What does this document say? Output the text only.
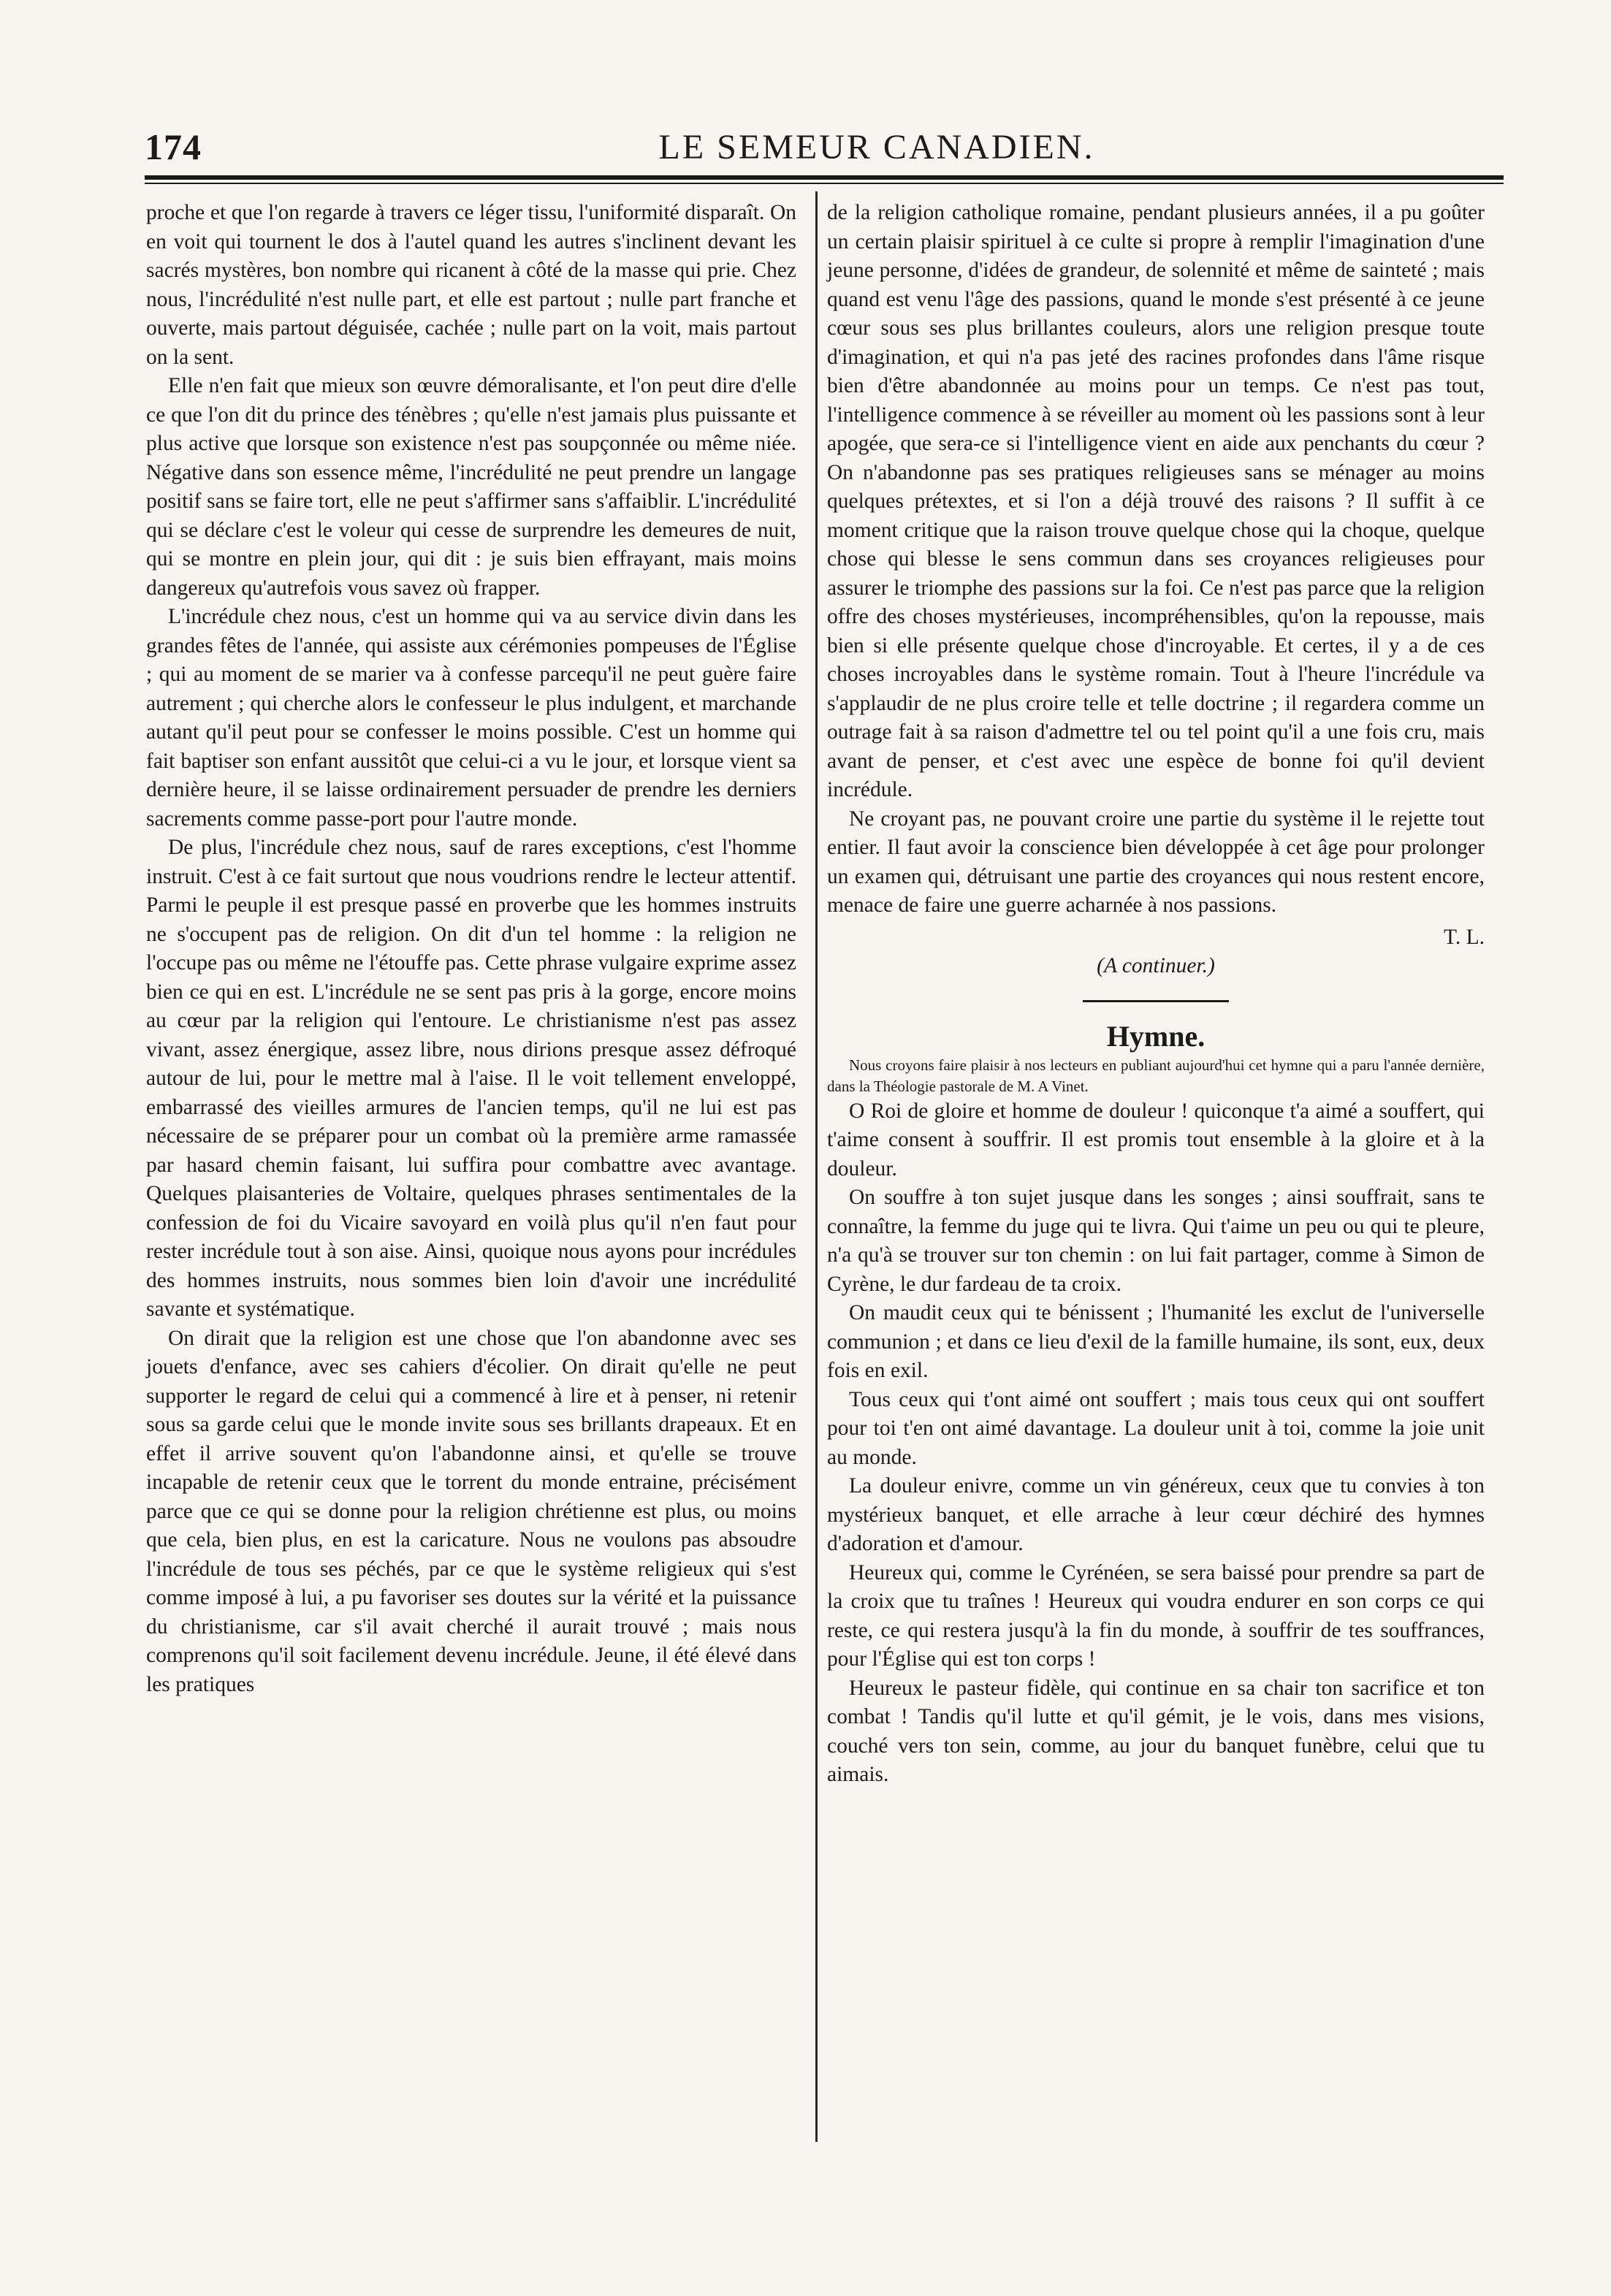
174	LE SEMEUR CANADIEN.

proche et que l'on regarde à travers ce léger tissu, l'uniformité disparaît. On en voit qui tournent le dos à l'autel quand les autres s'inclinent devant les sacrés mystères, bon nombre qui ricanent à côté de la masse qui prie. Chez nous, l'incrédulité n'est nulle part, et elle est partout ; nulle part franche et ouverte, mais partout déguisée, cachée ; nulle part on la voit, mais partout on la sent.

Elle n'en fait que mieux son œuvre démoralisante, et l'on peut dire d'elle ce que l'on dit du prince des ténèbres ; qu'elle n'est jamais plus puissante et plus active que lorsque son existence n'est pas soupçonnée ou même niée. Négative dans son essence même, l'incrédulité ne peut prendre un langage positif sans se faire tort, elle ne peut s'affirmer sans s'affaiblir. L'incrédulité qui se déclare c'est le voleur qui cesse de surprendre les demeures de nuit, qui se montre en plein jour, qui dit : je suis bien effrayant, mais moins dangereux qu'autrefois vous savez où frapper.

L'incrédule chez nous, c'est un homme qui va au service divin dans les grandes fêtes de l'année, qui assiste aux cérémonies pompeuses de l'Église ; qui au moment de se marier va à confesse parcequ'il ne peut guère faire autrement ; qui cherche alors le confesseur le plus indulgent, et marchande autant qu'il peut pour se confesser le moins possible. C'est un homme qui fait baptiser son enfant aussitôt que celui-ci a vu le jour, et lorsque vient sa dernière heure, il se laisse ordinairement persuader de prendre les derniers sacrements comme passe-port pour l'autre monde.

De plus, l'incrédule chez nous, sauf de rares exceptions, c'est l'homme instruit. C'est à ce fait surtout que nous voudrions rendre le lecteur attentif. Parmi le peuple il est presque passé en proverbe que les hommes instruits ne s'occupent pas de religion. On dit d'un tel homme : la religion ne l'occupe pas ou même ne l'étouffe pas. Cette phrase vulgaire exprime assez bien ce qui en est. L'incrédule ne se sent pas pris à la gorge, encore moins au cœur par la religion qui l'entoure. Le christianisme n'est pas assez vivant, assez énergique, assez libre, nous dirions presque assez défroqué autour de lui, pour le mettre mal à l'aise. Il le voit tellement enveloppé, embarrassé des vieilles armures de l'ancien temps, qu'il ne lui est pas nécessaire de se préparer pour un combat où la première arme ramassée par hasard chemin faisant, lui suffira pour combattre avec avantage. Quelques plaisanteries de Voltaire, quelques phrases sentimentales de la confession de foi du Vicaire savoyard en voilà plus qu'il n'en faut pour rester incrédule tout à son aise. Ainsi, quoique nous ayons pour incrédules des hommes instruits, nous sommes bien loin d'avoir une incrédulité savante et systématique.

On dirait que la religion est une chose que l'on abandonne avec ses jouets d'enfance, avec ses cahiers d'écolier. On dirait qu'elle ne peut supporter le regard de celui qui a commencé à lire et à penser, ni retenir sous sa garde celui que le monde invite sous ses brillants drapeaux. Et en effet il arrive souvent qu'on l'abandonne ainsi, et qu'elle se trouve incapable de retenir ceux que le torrent du monde entraine, précisément parce que ce qui se donne pour la religion chrétienne est plus, ou moins que cela, bien plus, en est la caricature. Nous ne voulons pas absoudre l'incrédule de tous ses péchés, par ce que le système religieux qui s'est comme imposé à lui, a pu favoriser ses doutes sur la vérité et la puissance du christianisme, car s'il avait cherché il aurait trouvé ; mais nous comprenons qu'il soit facilement devenu incrédule. Jeune, il été élevé dans les pratiques

de la religion catholique romaine, pendant plusieurs années, il a pu goûter un certain plaisir spirituel à ce culte si propre à remplir l'imagination d'une jeune personne, d'idées de grandeur, de solennité et même de sainteté ; mais quand est venu l'âge des passions, quand le monde s'est présenté à ce jeune cœur sous ses plus brillantes couleurs, alors une religion presque toute d'imagination, et qui n'a pas jeté des racines profondes dans l'âme risque bien d'être abandonnée au moins pour un temps. Ce n'est pas tout, l'intelligence commence à se réveiller au moment où les passions sont à leur apogée, que sera-ce si l'intelligence vient en aide aux penchants du cœur ? On n'abandonne pas ses pratiques religieuses sans se ménager au moins quelques prétextes, et si l'on a déjà trouvé des raisons ? Il suffit à ce moment critique que la raison trouve quelque chose qui la choque, quelque chose qui blesse le sens commun dans ses croyances religieuses pour assurer le triomphe des passions sur la foi. Ce n'est pas parce que la religion offre des choses mystérieuses, incompréhensibles, qu'on la repousse, mais bien si elle présente quelque chose d'incroyable. Et certes, il y a de ces choses incroyables dans le système romain. Tout à l'heure l'incrédule va s'applaudir de ne plus croire telle et telle doctrine ; il regardera comme un outrage fait à sa raison d'admettre tel ou tel point qu'il a une fois cru, mais avant de penser, et c'est avec une espèce de bonne foi qu'il devient incrédule.

Ne croyant pas, ne pouvant croire une partie du système il le rejette tout entier. Il faut avoir la conscience bien développée à cet âge pour prolonger un examen qui, détruisant une partie des croyances qui nous restent encore, menace de faire une guerre acharnée à nos passions.
T. L.

(A continuer.)

Hymne.

Nous croyons faire plaisir à nos lecteurs en publiant aujourd'hui cet hymne qui a paru l'année dernière, dans la Théologie pastorale de M. A Vinet.

O Roi de gloire et homme de douleur ! quiconque t'a aimé a souffert, qui t'aime consent à souffrir. Il est promis tout ensemble à la gloire et à la douleur.

On souffre à ton sujet jusque dans les songes ; ainsi souffrait, sans te connaître, la femme du juge qui te livra. Qui t'aime un peu ou qui te pleure, n'a qu'à se trouver sur ton chemin : on lui fait partager, comme à Simon de Cyrène, le dur fardeau de ta croix.

On maudit ceux qui te bénissent ; l'humanité les exclut de l'universelle communion ; et dans ce lieu d'exil de la famille humaine, ils sont, eux, deux fois en exil.

Tous ceux qui t'ont aimé ont souffert ; mais tous ceux qui ont souffert pour toi t'en ont aimé davantage. La douleur unit à toi, comme la joie unit au monde.

La douleur enivre, comme un vin généreux, ceux que tu convies à ton mystérieux banquet, et elle arrache à leur cœur déchiré des hymnes d'adoration et d'amour.

Heureux qui, comme le Cyrénéen, se sera baissé pour prendre sa part de la croix que tu traînes ! Heureux qui voudra endurer en son corps ce qui reste, ce qui restera jusqu'à la fin du monde, à souffrir de tes souffrances, pour l'Église qui est ton corps !

Heureux le pasteur fidèle, qui continue en sa chair ton sacrifice et ton combat ! Tandis qu'il lutte et qu'il gémit, je le vois, dans mes visions, couché vers ton sein, comme, au jour du banquet funèbre, celui que tu aimais.
